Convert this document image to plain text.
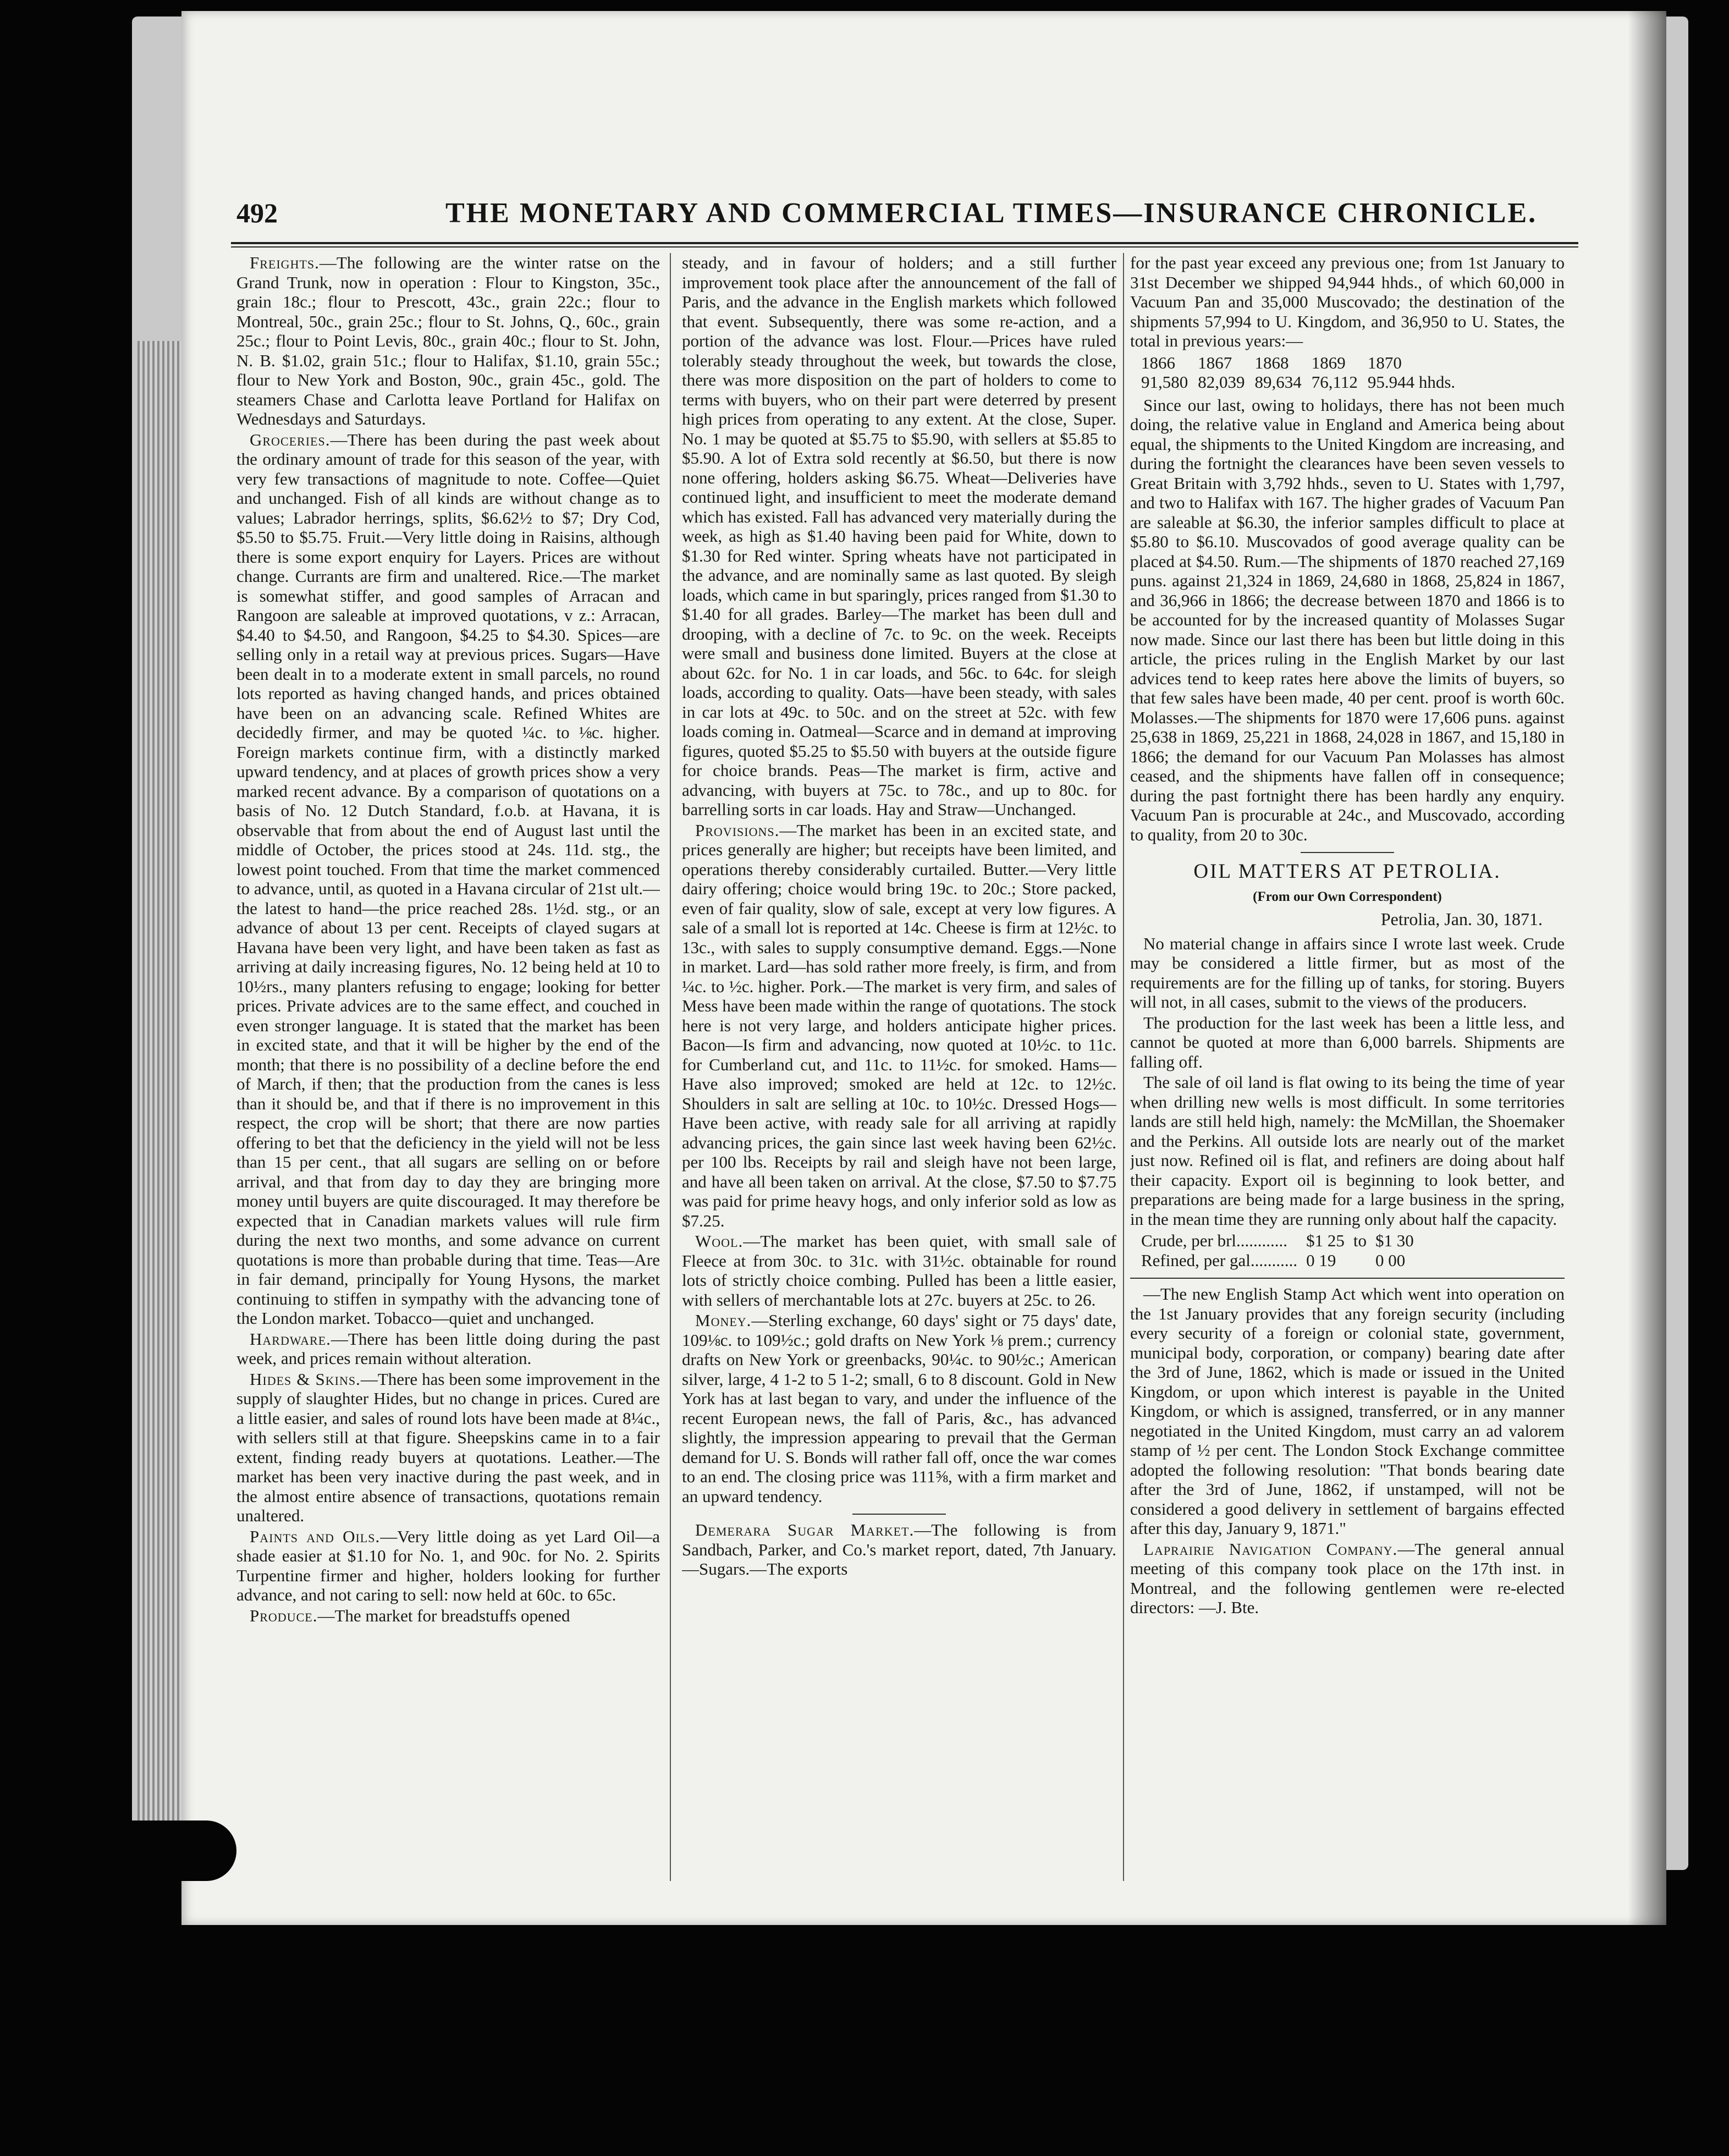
492	THE MONETARY AND COMMERCIAL TIMES—INSURANCE CHRONICLE.

Freights.—The following are the winter ratse on the Grand Trunk, now in operation : Flour to Kingston, 35c., grain 18c.; flour to Prescott, 43c., grain 22c.; flour to Montreal, 50c., grain 25c.; flour to St. Johns, Q., 60c., grain 25c.; flour to Point Levis, 80c., grain 40c.; flour to St. John, N. B. $1.02, grain 51c.; flour to Halifax, $1.10, grain 55c.; flour to New York and Boston, 90c., grain 45c., gold. The steamers Chase and Carlotta leave Portland for Halifax on Wednesdays and Saturdays.

Groceries.—There has been during the past week about the ordinary amount of trade for this season of the year, with very few transactions of magnitude to note. Coffee—Quiet and unchanged. Fish of all kinds are without change as to values; Labrador herrings, splits, $6.62½ to $7; Dry Cod, $5.50 to $5.75. Fruit.—Very little doing in Raisins, although there is some export enquiry for Layers. Prices are without change. Currants are firm and unaltered. Rice.—The market is somewhat stiffer, and good samples of Arracan and Rangoon are saleable at improved quotations, v z.: Arracan, $4.40 to $4.50, and Rangoon, $4.25 to $4.30. Spices—are selling only in a retail way at previous prices. Sugars—Have been dealt in to a moderate extent in small parcels, no round lots reported as having changed hands, and prices obtained have been on an advancing scale. Refined Whites are decidedly firmer, and may be quoted ¼c. to ⅛c. higher. Foreign markets continue firm, with a distinctly marked upward tendency, and at places of growth prices show a very marked recent advance. By a comparison of quotations on a basis of No. 12 Dutch Standard, f.o.b. at Havana, it is observable that from about the end of August last until the middle of October, the prices stood at 24s. 11d. stg., the lowest point touched. From that time the market commenced to advance, until, as quoted in a Havana circular of 21st ult.—the latest to hand—the price reached 28s. 1½d. stg., or an advance of about 13 per cent. Receipts of clayed sugars at Havana have been very light, and have been taken as fast as arriving at daily increasing figures, No. 12 being held at 10 to 10½rs., many planters refusing to engage; looking for better prices. Private advices are to the same effect, and couched in even stronger language. It is stated that the market has been in excited state, and that it will be higher by the end of the month; that there is no possibility of a decline before the end of March, if then; that the production from the canes is less than it should be, and that if there is no improvement in this respect, the crop will be short; that there are now parties offering to bet that the deficiency in the yield will not be less than 15 per cent., that all sugars are selling on or before arrival, and that from day to day they are bringing more money until buyers are quite discouraged. It may therefore be expected that in Canadian markets values will rule firm during the next two months, and some advance on current quotations is more than probable during that time. Teas—Are in fair demand, principally for Young Hysons, the market continuing to stiffen in sympathy with the advancing tone of the London market. Tobacco—quiet and unchanged.

Hardware.—There has been little doing during the past week, and prices remain without alteration.

Hides & Skins.—There has been some improvement in the supply of slaughter Hides, but no change in prices. Cured are a little easier, and sales of round lots have been made at 8¼c., with sellers still at that figure. Sheepskins came in to a fair extent, finding ready buyers at quotations. Leather.—The market has been very inactive during the past week, and in the almost entire absence of transactions, quotations remain unaltered.

Paints and Oils.—Very little doing as yet Lard Oil—a shade easier at $1.10 for No. 1, and 90c. for No. 2. Spirits Turpentine firmer and higher, holders looking for further advance, and not caring to sell: now held at 60c. to 65c.

Produce.—The market for breadstuffs opened

steady, and in favour of holders; and a still further improvement took place after the announcement of the fall of Paris, and the advance in the English markets which followed that event. Subsequently, there was some re-action, and a portion of the advance was lost. Flour.—Prices have ruled tolerably steady throughout the week, but towards the close, there was more disposition on the part of holders to come to terms with buyers, who on their part were deterred by present high prices from operating to any extent. At the close, Super. No. 1 may be quoted at $5.75 to $5.90, with sellers at $5.85 to $5.90. A lot of Extra sold recently at $6.50, but there is now none offering, holders asking $6.75. Wheat—Deliveries have continued light, and insufficient to meet the moderate demand which has existed. Fall has advanced very materially during the week, as high as $1.40 having been paid for White, down to $1.30 for Red winter. Spring wheats have not participated in the advance, and are nominally same as last quoted. By sleigh loads, which came in but sparingly, prices ranged from $1.30 to $1.40 for all grades. Barley—The market has been dull and drooping, with a decline of 7c. to 9c. on the week. Receipts were small and business done limited. Buyers at the close at about 62c. for No. 1 in car loads, and 56c. to 64c. for sleigh loads, according to quality. Oats—have been steady, with sales in car lots at 49c. to 50c. and on the street at 52c. with few loads coming in. Oatmeal—Scarce and in demand at improving figures, quoted $5.25 to $5.50 with buyers at the outside figure for choice brands. Peas—The market is firm, active and advancing, with buyers at 75c. to 78c., and up to 80c. for barrelling sorts in car loads. Hay and Straw—Unchanged.

Provisions.—The market has been in an excited state, and prices generally are higher; but receipts have been limited, and operations thereby considerably curtailed. Butter.—Very little dairy offering; choice would bring 19c. to 20c.; Store packed, even of fair quality, slow of sale, except at very low figures. A sale of a small lot is reported at 14c. Cheese is firm at 12½c. to 13c., with sales to supply consumptive demand. Eggs.—None in market. Lard—has sold rather more freely, is firm, and from ¼c. to ½c. higher. Pork.—The market is very firm, and sales of Mess have been made within the range of quotations. The stock here is not very large, and holders anticipate higher prices. Bacon—Is firm and advancing, now quoted at 10½c. to 11c. for Cumberland cut, and 11c. to 11½c. for smoked. Hams—Have also improved; smoked are held at 12c. to 12½c. Shoulders in salt are selling at 10c. to 10½c. Dressed Hogs—Have been active, with ready sale for all arriving at rapidly advancing prices, the gain since last week having been 62½c. per 100 lbs. Receipts by rail and sleigh have not been large, and have all been taken on arrival. At the close, $7.50 to $7.75 was paid for prime heavy hogs, and only inferior sold as low as $7.25.

Wool.—The market has been quiet, with small sale of Fleece at from 30c. to 31c. with 31½c. obtainable for round lots of strictly choice combing. Pulled has been a little easier, with sellers of merchantable lots at 27c. buyers at 25c. to 26.

Money.—Sterling exchange, 60 days' sight or 75 days' date, 109⅛c. to 109½c.; gold drafts on New York ⅛ prem.; currency drafts on New York or greenbacks, 90¼c. to 90½c.; American silver, large, 4 1-2 to 5 1-2; small, 6 to 8 discount. Gold in New York has at last began to vary, and under the influence of the recent European news, the fall of Paris, &c., has advanced slightly, the impression appearing to prevail that the German demand for U. S. Bonds will rather fall off, once the war comes to an end. The closing price was 111⅝, with a firm market and an upward tendency.

Demerara Sugar Market.—The following is from Sandbach, Parker, and Co.'s market report, dated, 7th January.—Sugars.—The exports

for the past year exceed any previous one; from 1st January to 31st December we shipped 94,944 hhds., of which 60,000 in Vacuum Pan and 35,000 Muscovado; the destination of the shipments 57,994 to U. Kingdom, and 36,950 to U. States, the total in previous years:—

1866	1867	1868	1869	1870
91,580	82,039	89,634	76,112	95.944 hhds.

Since our last, owing to holidays, there has not been much doing, the relative value in England and America being about equal, the shipments to the United Kingdom are increasing, and during the fortnight the clearances have been seven vessels to Great Britain with 3,792 hhds., seven to U. States with 1,797, and two to Halifax with 167. The higher grades of Vacuum Pan are saleable at $6.30, the inferior samples difficult to place at $5.80 to $6.10. Muscovados of good average quality can be placed at $4.50. Rum.—The shipments of 1870 reached 27,169 puns. against 21,324 in 1869, 24,680 in 1868, 25,824 in 1867, and 36,966 in 1866; the decrease between 1870 and 1866 is to be accounted for by the increased quantity of Molasses Sugar now made. Since our last there has been but little doing in this article, the prices ruling in the English Market by our last advices tend to keep rates here above the limits of buyers, so that few sales have been made, 40 per cent. proof is worth 60c. Molasses.—The shipments for 1870 were 17,606 puns. against 25,638 in 1869, 25,221 in 1868, 24,028 in 1867, and 15,180 in 1866; the demand for our Vacuum Pan Molasses has almost ceased, and the shipments have fallen off in consequence; during the past fortnight there has been hardly any enquiry. Vacuum Pan is procurable at 24c., and Muscovado, according to quality, from 20 to 30c.

OIL MATTERS AT PETROLIA.
(From our Own Correspondent)
Petrolia, Jan. 30, 1871.

No material change in affairs since I wrote last week. Crude may be considered a little firmer, but as most of the requirements are for the filling up of tanks, for storing. Buyers will not, in all cases, submit to the views of the producers.

The production for the last week has been a little less, and cannot be quoted at more than 6,000 barrels. Shipments are falling off.

The sale of oil land is flat owing to its being the time of year when drilling new wells is most difficult. In some territories lands are still held high, namely: the McMillan, the Shoemaker and the Perkins. All outside lots are nearly out of the market just now. Refined oil is flat, and refiners are doing about half their capacity. Export oil is beginning to look better, and preparations are being made for a large business in the spring, in the mean time they are running only about half the capacity.

Crude, per brl............	$1 25	to	$1 30
Refined, per gal...........	0 19		0 00

—The new English Stamp Act which went into operation on the 1st January provides that any foreign security (including every security of a foreign or colonial state, government, municipal body, corporation, or company) bearing date after the 3rd of June, 1862, which is made or issued in the United Kingdom, or upon which interest is payable in the United Kingdom, or which is assigned, transferred, or in any manner negotiated in the United Kingdom, must carry an ad valorem stamp of ½ per cent. The London Stock Exchange committee adopted the following resolution: "That bonds bearing date after the 3rd of June, 1862, if unstamped, will not be considered a good delivery in settlement of bargains effected after this day, January 9, 1871."

Laprairie Navigation Company.—The general annual meeting of this company took place on the 17th inst. in Montreal, and the following gentlemen were re-elected directors: —J. Bte.
